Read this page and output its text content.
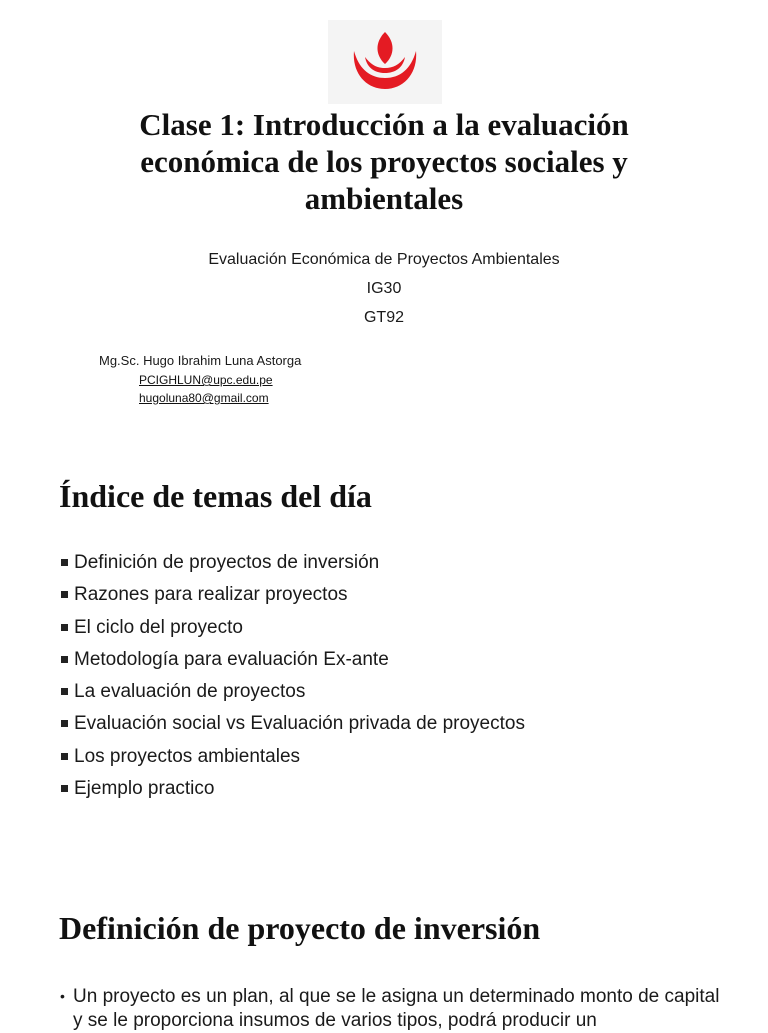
Clase 1: Introducción a la evaluación económica de los proyectos sociales y ambientales

Evaluación Económica de Proyectos Ambientales

IG30

GT92

Mg.Sc. Hugo Ibrahim Luna Astorga

PCIGHLUN@upc.edu.pe
hugoluna80@gmail.com
Índice de temas del día
Definición de proyectos de inversión
Razones para realizar proyectos
El ciclo del proyecto
Metodología para evaluación Ex-ante
La evaluación de proyectos
Evaluación social vs Evaluación privada de proyectos
Los proyectos ambientales
Ejemplo practico
Definición de proyecto de inversión
• Un proyecto es un plan, al que se le asigna un determinado monto de capital y se le proporciona insumos de varios tipos, podrá producir un
